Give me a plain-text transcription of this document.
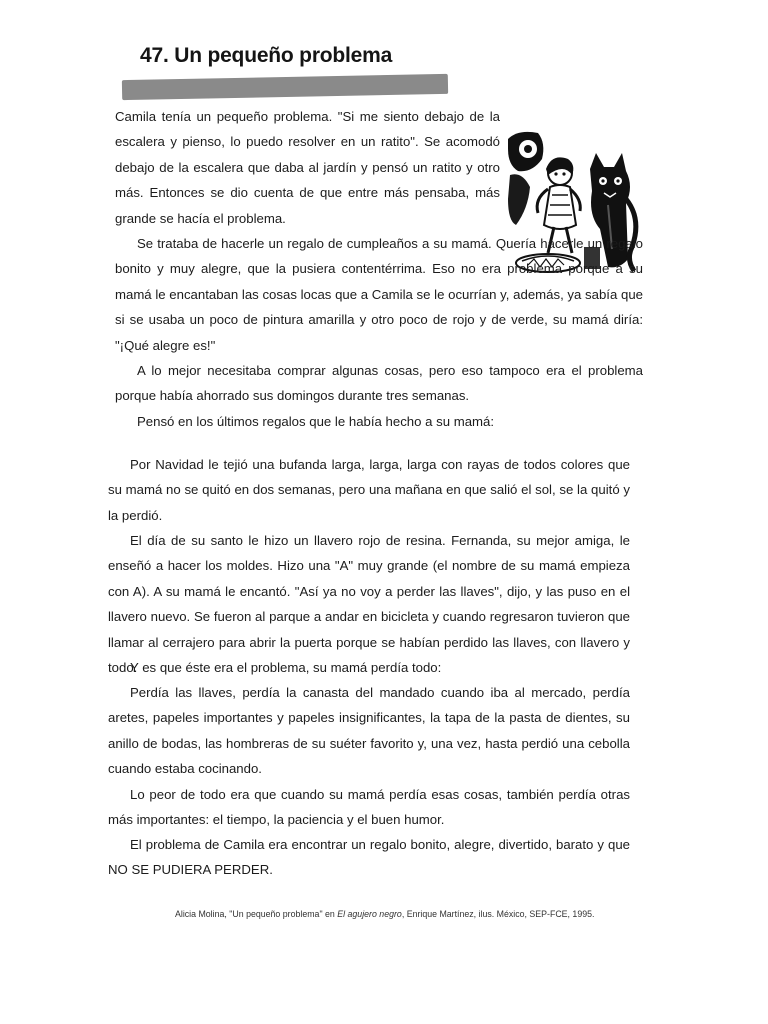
47. Un pequeño problema

Camila tenía un pequeño problema. "Si me siento debajo de la escalera y pienso, lo puedo resolver en un ratito". Se acomodó debajo de la escalera que daba al jardín y pensó un ratito y otro más. Entonces se dio cuenta de que entre más pensaba, más grande se hacía el problema.

Se trataba de hacerle un regalo de cumpleaños a su mamá. Quería hacerle un regalo bonito y muy alegre, que la pusiera contentérrima. Eso no era problema porque a su mamá le encantaban las cosas locas que a Camila se le ocurrían y, además, ya sabía que si se usaba un poco de pintura amarilla y otro poco de rojo y de verde, su mamá diría: "¡Qué alegre es!"

A lo mejor necesitaba comprar algunas cosas, pero eso tampoco era el problema porque había ahorrado sus domingos durante tres semanas.

Pensó en los últimos regalos que le había hecho a su mamá:

Por Navidad le tejió una bufanda larga, larga, larga con rayas de todos colores que su mamá no se quitó en dos semanas, pero una mañana en que salió el sol, se la quitó y la perdió.

El día de su santo le hizo un llavero rojo de resina. Fernanda, su mejor amiga, le enseñó a hacer los moldes. Hizo una "A" muy grande (el nombre de su mamá empieza con A). A su mamá le encantó. "Así ya no voy a perder las llaves", dijo, y las puso en el llavero nuevo. Se fueron al parque a andar en bicicleta y cuando regresaron tuvieron que llamar al cerrajero para abrir la puerta porque se habían perdido las llaves, con llavero y todo.

Y es que éste era el problema, su mamá perdía todo:

Perdía las llaves, perdía la canasta del mandado cuando iba al mercado, perdía aretes, papeles importantes y papeles insignificantes, la tapa de la pasta de dientes, su anillo de bodas, las hombreras de su suéter favorito y, una vez, hasta perdió una cebolla cuando estaba cocinando.

Lo peor de todo era que cuando su mamá perdía esas cosas, también perdía otras más importantes: el tiempo, la paciencia y el buen humor.

El problema de Camila era encontrar un regalo bonito, alegre, divertido, barato y que NO SE PUDIERA PERDER.

Alicia Molina, "Un pequeño problema" en El agujero negro, Enrique Martínez, ilus. México, SEP-FCE, 1995.
